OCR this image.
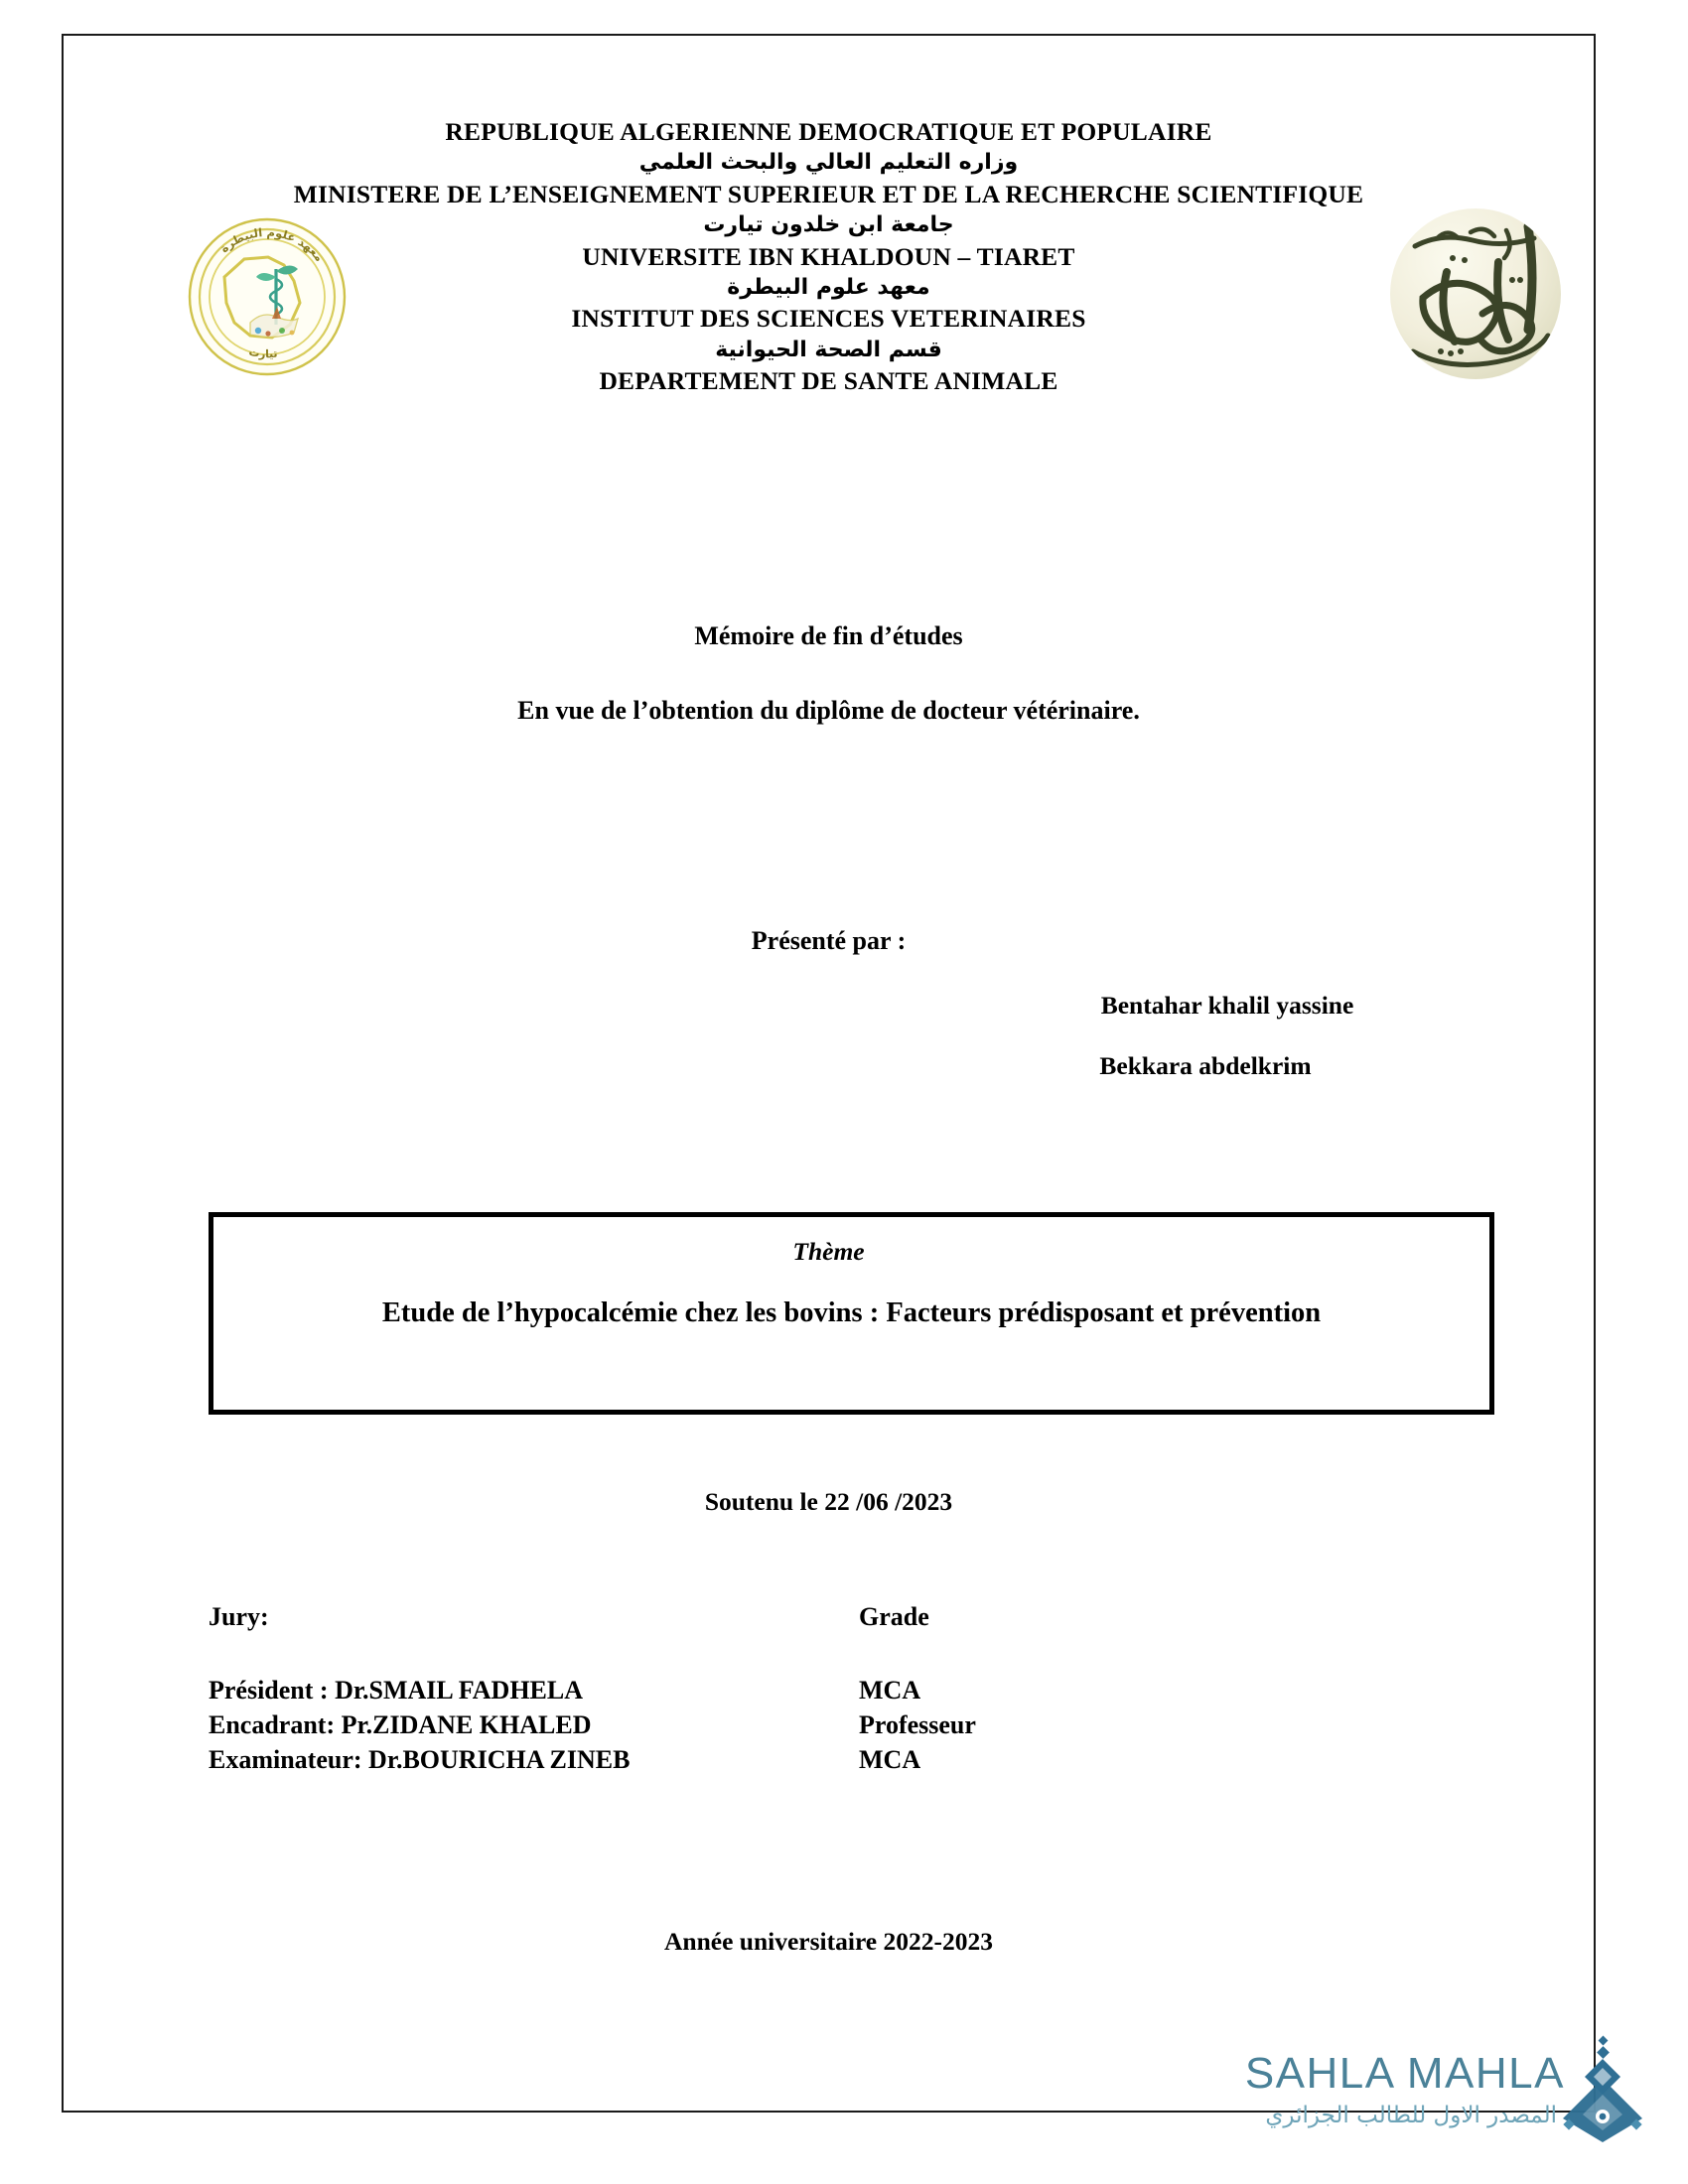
معهد علوم البيطرة
تيارت
REPUBLIQUE ALGERIENNE DEMOCRATIQUE ET POPULAIRE
وزاره التعليم العالي والبحث العلمي
MINISTERE DE L’ENSEIGNEMENT SUPERIEUR ET DE LA RECHERCHE SCIENTIFIQUE
جامعة ابن خلدون تيارت
UNIVERSITE IBN KHALDOUN – TIARET
معهد علوم البيطرة
INSTITUT DES SCIENCES VETERINAIRES
قسم الصحة الحيوانية
DEPARTEMENT DE SANTE ANIMALE
Mémoire de fin d’études
En vue de l’obtention du diplôme de docteur vétérinaire.
Présenté par :
Bentahar khalil yassine
Bekkara abdelkrim
Thème
Etude de l’hypocalcémie chez les bovins : Facteurs prédisposant et prévention
Soutenu le 22 /06 /2023
Jury:	Grade
Président : Dr.SMAIL FADHELA	MCA
Encadrant: Pr.ZIDANE KHALED	Professeur
Examinateur: Dr.BOURICHA ZINEB	MCA
Année universitaire 2022-2023
SAHLA MAHLA
المصدر الاول للطالب الجزائري
